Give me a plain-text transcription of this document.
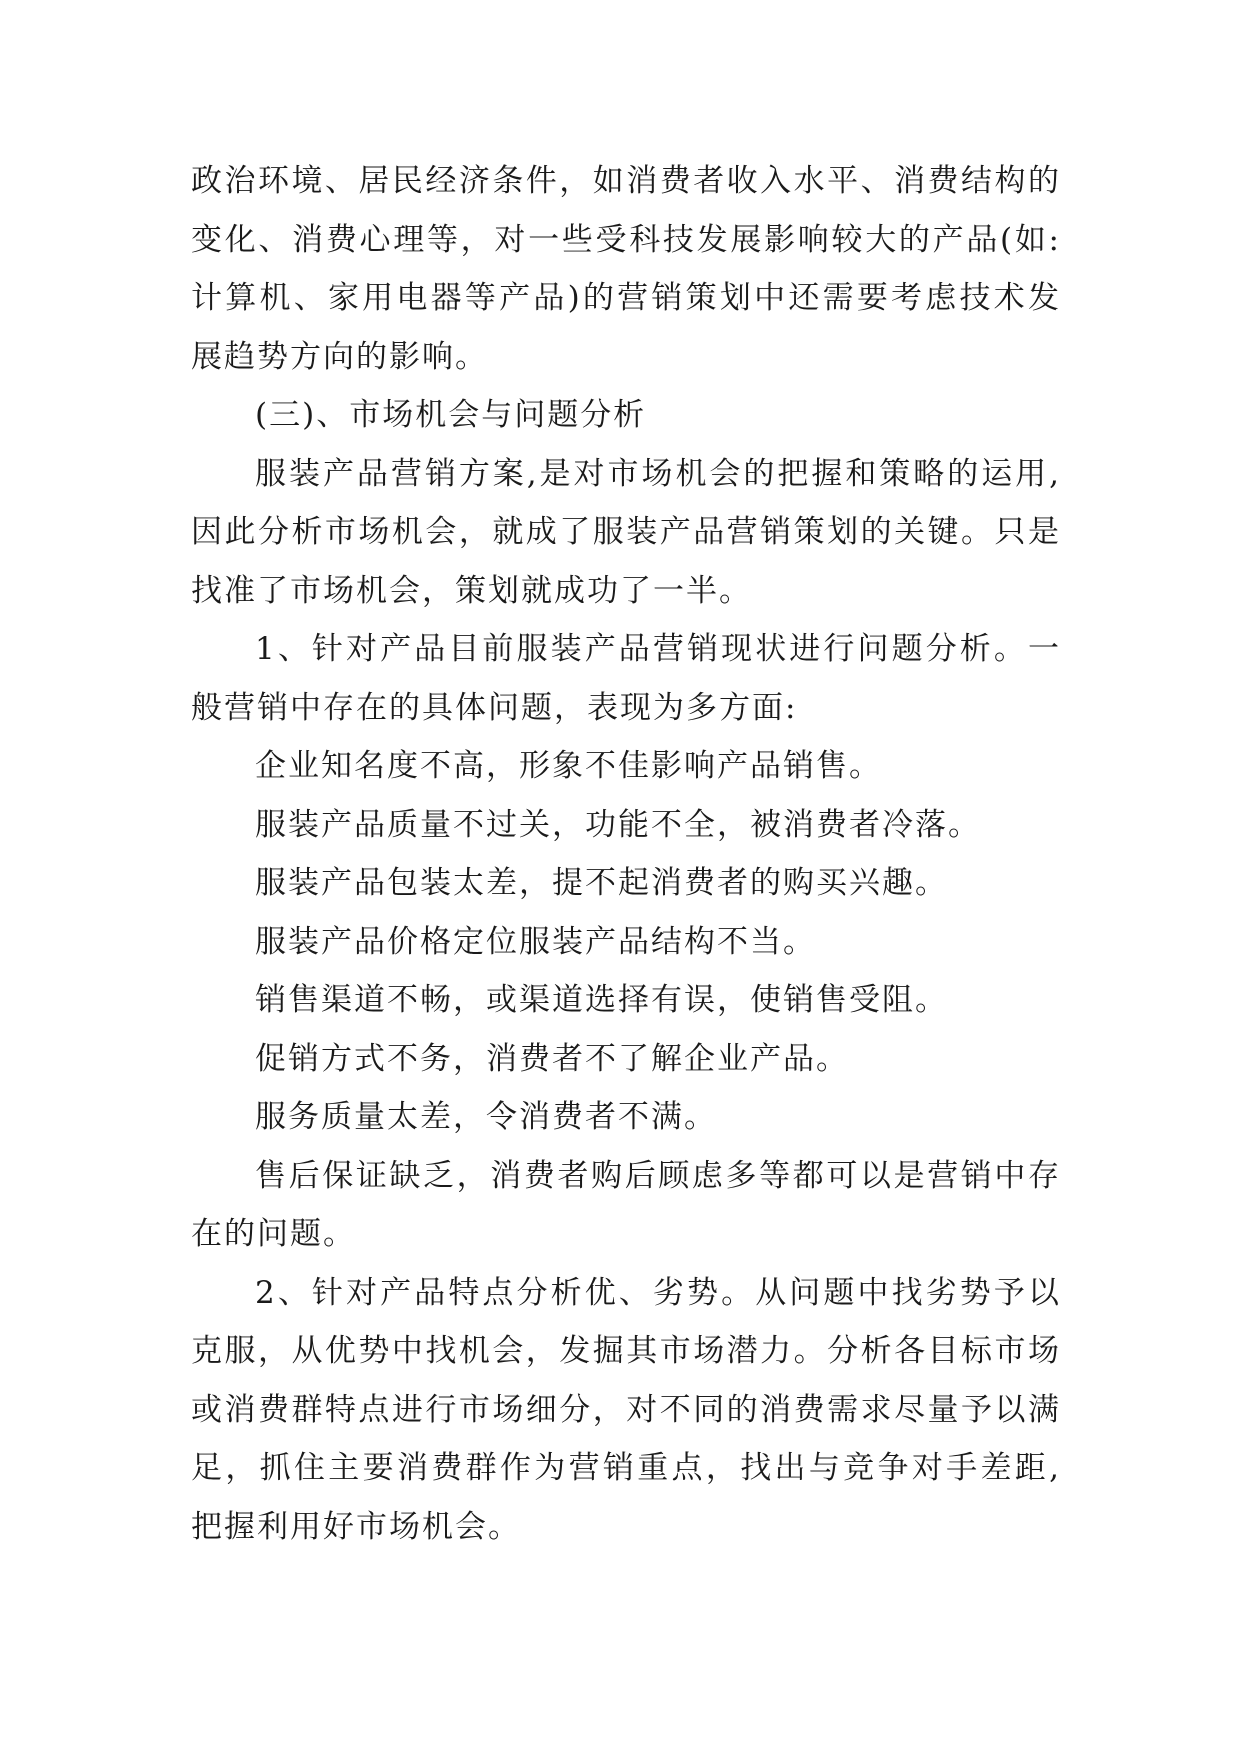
政治环境、居民经济条件，如消费者收入水平、消费结构的
变化、消费心理等，对一些受科技发展影响较大的产品(如:
计算机、家用电器等产品)的营销策划中还需要考虑技术发
展趋势方向的影响。
(三)、市场机会与问题分析
服装产品营销方案,是对市场机会的把握和策略的运用,
因此分析市场机会，就成了服装产品营销策划的关键。只是
找准了市场机会，策划就成功了一半。
1、针对产品目前服装产品营销现状进行问题分析。一
般营销中存在的具体问题，表现为多方面:
企业知名度不高，形象不佳影响产品销售。
服装产品质量不过关，功能不全，被消费者冷落。
服装产品包装太差，提不起消费者的购买兴趣。
服装产品价格定位服装产品结构不当。
销售渠道不畅，或渠道选择有误，使销售受阻。
促销方式不务，消费者不了解企业产品。
服务质量太差，令消费者不满。
售后保证缺乏，消费者购后顾虑多等都可以是营销中存
在的问题。
2、针对产品特点分析优、劣势。从问题中找劣势予以
克服，从优势中找机会，发掘其市场潜力。分析各目标市场
或消费群特点进行市场细分，对不同的消费需求尽量予以满
足，抓住主要消费群作为营销重点，找出与竞争对手差距,
把握利用好市场机会。
